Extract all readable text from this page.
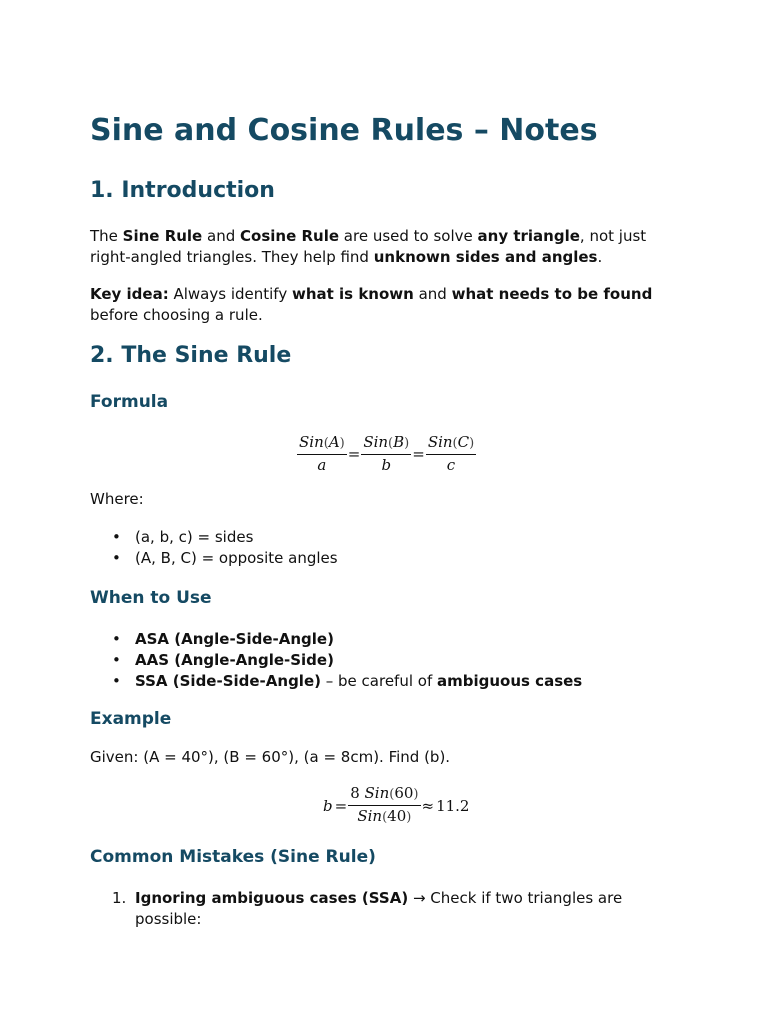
Sine and Cosine Rules – Notes
1. Introduction

The Sine Rule and Cosine Rule are used to solve any triangle, not just right-angled triangles. They help find unknown sides and angles.

Key idea: Always identify what is known and what needs to be found before choosing a rule.

2. The Sine Rule
Formula
$\frac{\text{Sin(A)}}{a} = \frac{\text{Sin(B)}}{b} = \frac{\text{Sin(C)}}{c}$

Where:

• (a, b, c) = sides
• (A, B, C) = opposite angles
When to Use
• ASA (Angle-Side-Angle)
• AAS (Angle-Angle-Side)
• SSA (Side-Side-Angle) – be careful of ambiguous cases
Example

Given: (A = 40°), (B = 60°), (a = 8cm). Find (b).

$b = \frac{\text{8 Sin(60)}}{\text{Sin(40)}} \approx 11.2$
Common Mistakes (Sine Rule)
1. Ignoring ambiguous cases (SSA) → Check if two triangles are possible:
